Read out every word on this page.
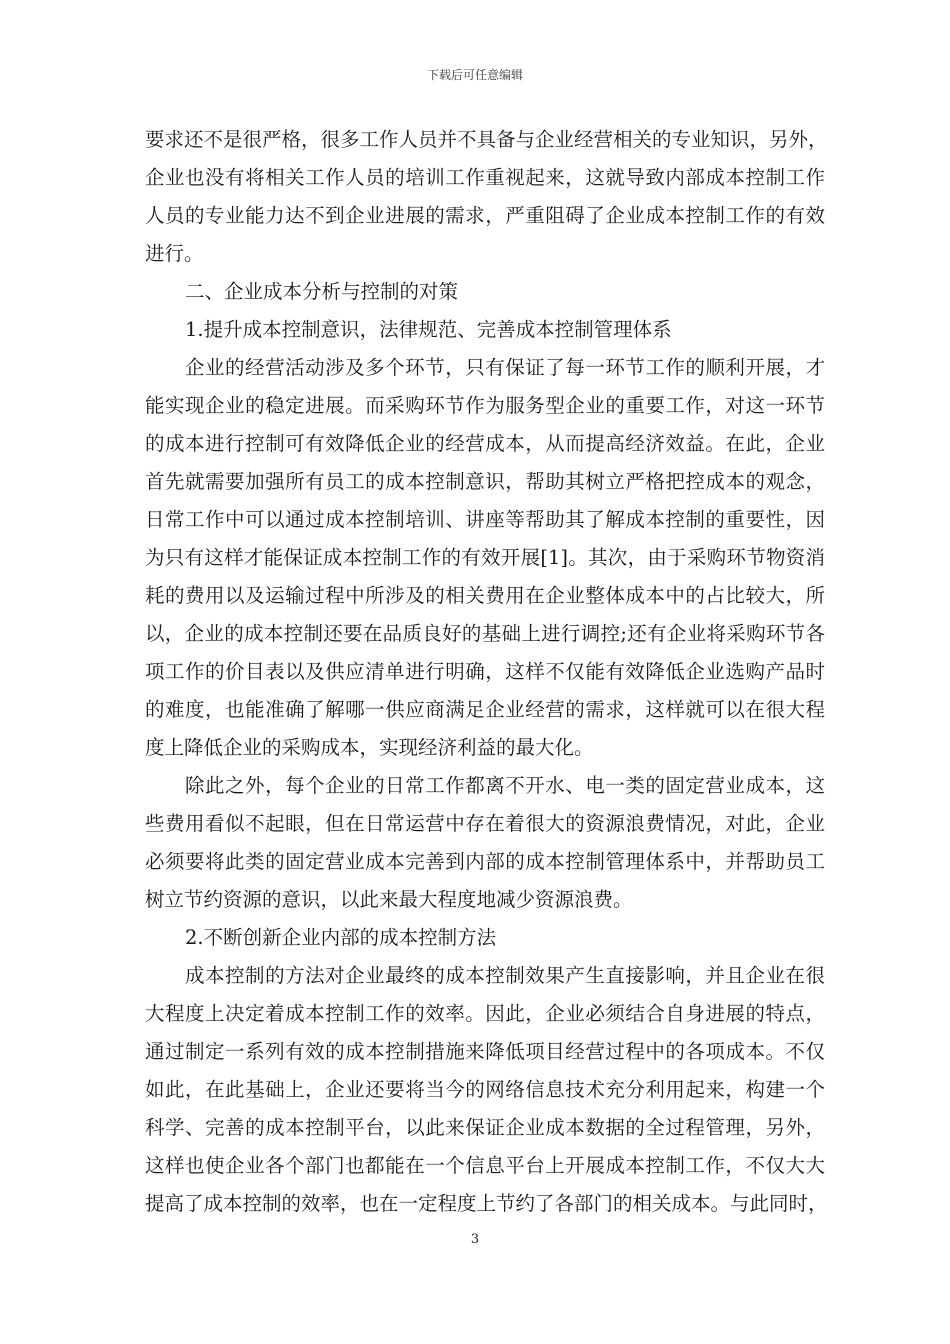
下载后可任意编辑
要求还不是很严格，很多工作人员并不具备与企业经营相关的专业知识，另外，
企业也没有将相关工作人员的培训工作重视起来，这就导致内部成本控制工作
人员的专业能力达不到企业进展的需求，严重阻碍了企业成本控制工作的有效
进行。
二、企业成本分析与控制的对策
1.提升成本控制意识，法律规范、完善成本控制管理体系
企业的经营活动涉及多个环节，只有保证了每一环节工作的顺利开展，才
能实现企业的稳定进展。而采购环节作为服务型企业的重要工作，对这一环节
的成本进行控制可有效降低企业的经营成本，从而提高经济效益。在此，企业
首先就需要加强所有员工的成本控制意识，帮助其树立严格把控成本的观念，
日常工作中可以通过成本控制培训、讲座等帮助其了解成本控制的重要性，因
为只有这样才能保证成本控制工作的有效开展[1]。其次，由于采购环节物资消
耗的费用以及运输过程中所涉及的相关费用在企业整体成本中的占比较大，所
以，企业的成本控制还要在品质良好的基础上进行调控;还有企业将采购环节各
项工作的价目表以及供应清单进行明确，这样不仅能有效降低企业选购产品时
的难度，也能准确了解哪一供应商满足企业经营的需求，这样就可以在很大程
度上降低企业的采购成本，实现经济利益的最大化。
除此之外，每个企业的日常工作都离不开水、电一类的固定营业成本，这
些费用看似不起眼，但在日常运营中存在着很大的资源浪费情况，对此，企业
必须要将此类的固定营业成本完善到内部的成本控制管理体系中，并帮助员工
树立节约资源的意识，以此来最大程度地减少资源浪费。
2.不断创新企业内部的成本控制方法
成本控制的方法对企业最终的成本控制效果产生直接影响，并且企业在很
大程度上决定着成本控制工作的效率。因此，企业必须结合自身进展的特点，
通过制定一系列有效的成本控制措施来降低项目经营过程中的各项成本。不仅
如此，在此基础上，企业还要将当今的网络信息技术充分利用起来，构建一个
科学、完善的成本控制平台，以此来保证企业成本数据的全过程管理，另外，
这样也使企业各个部门也都能在一个信息平台上开展成本控制工作，不仅大大
提高了成本控制的效率，也在一定程度上节约了各部门的相关成本。与此同时，
3
